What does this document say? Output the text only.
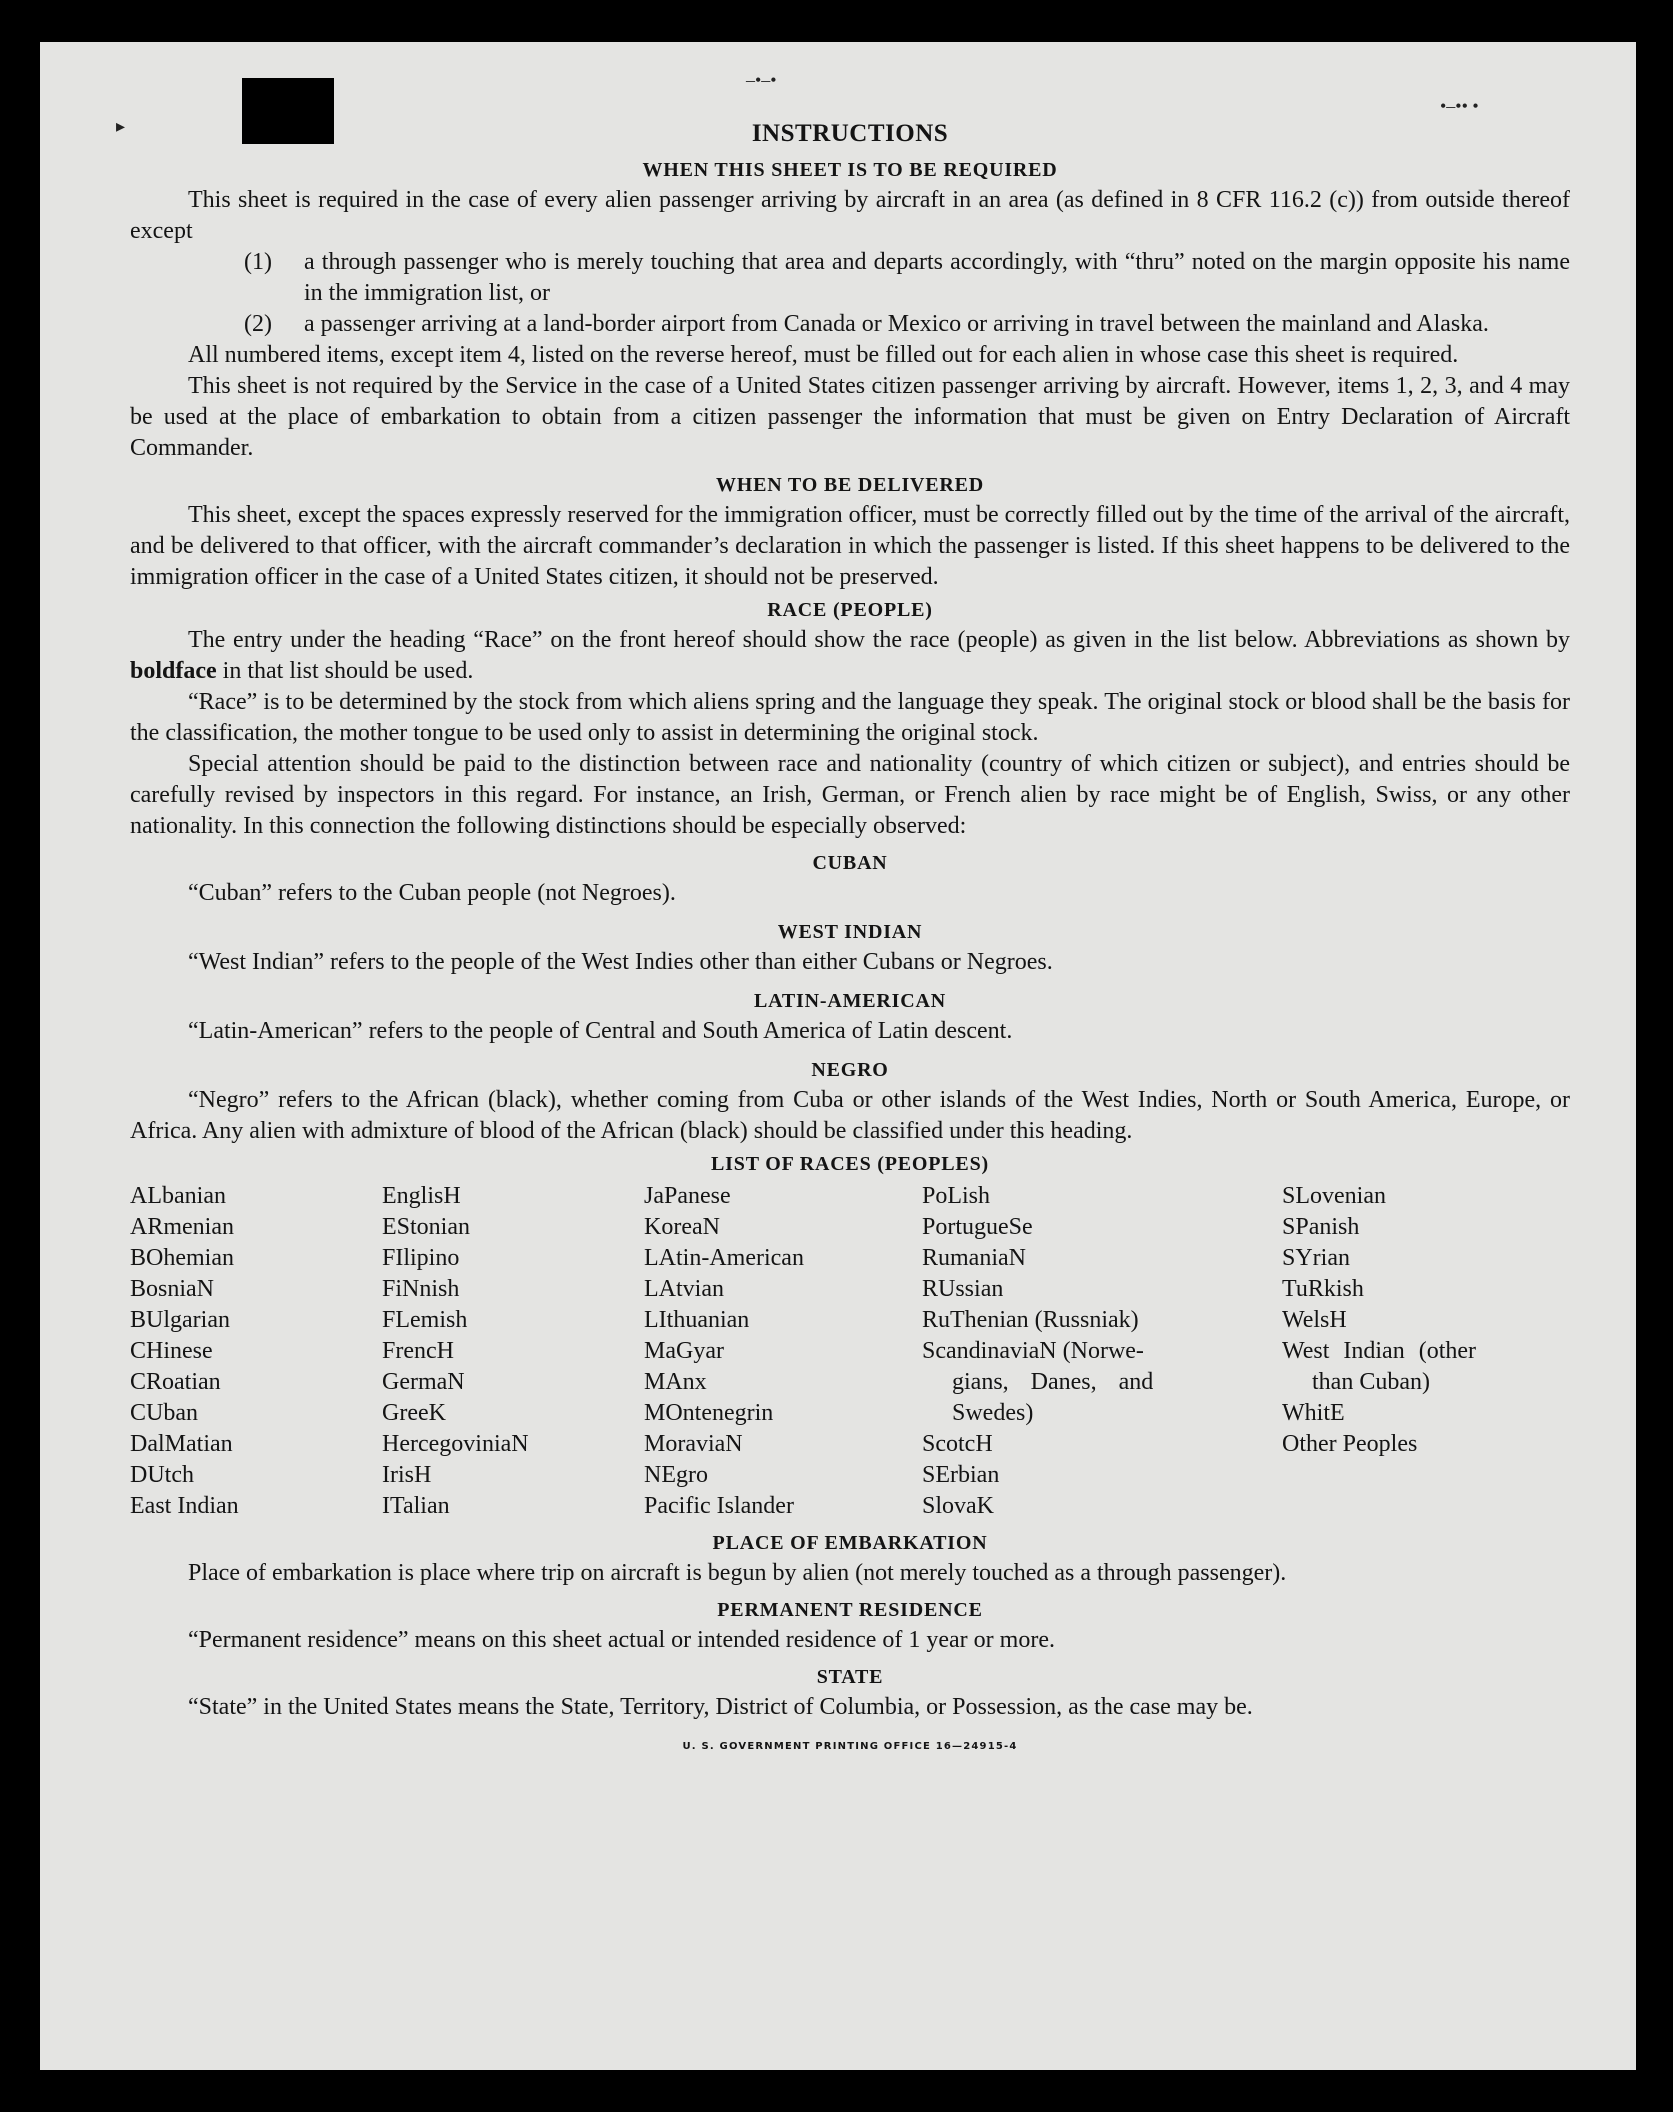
‒•‒•
•‒•• •
▸	INSTRUCTIONS
WHEN THIS SHEET IS TO BE REQUIRED

This sheet is required in the case of every alien passenger arriving by aircraft in an area (as defined in 8 CFR 116.2 (c)) from outside thereof except

(1)	a through passenger who is merely touching that area and departs accordingly, with “thru” noted on the margin opposite his name in the immigration list, or
(2)	a passenger arriving at a land-border airport from Canada or Mexico or arriving in travel between the mainland and Alaska.

All numbered items, except item 4, listed on the reverse hereof, must be filled out for each alien in whose case this sheet is required.

This sheet is not required by the Service in the case of a United States citizen passenger arriving by aircraft. However, items 1, 2, 3, and 4 may be used at the place of embarkation to obtain from a citizen passenger the information that must be given on Entry Declaration of Aircraft Commander.

WHEN TO BE DELIVERED

This sheet, except the spaces expressly reserved for the immigration officer, must be correctly filled out by the time of the arrival of the aircraft, and be delivered to that officer, with the aircraft commander’s declaration in which the passenger is listed. If this sheet happens to be delivered to the immigration officer in the case of a United States citizen, it should not be preserved.

RACE (PEOPLE)

The entry under the heading “Race” on the front hereof should show the race (people) as given in the list below. Abbreviations as shown by boldface in that list should be used.

“Race” is to be determined by the stock from which aliens spring and the language they speak. The original stock or blood shall be the basis for the classification, the mother tongue to be used only to assist in determining the original stock.

Special attention should be paid to the distinction between race and nationality (country of which citizen or subject), and entries should be carefully revised by inspectors in this regard. For instance, an Irish, German, or French alien by race might be of English, Swiss, or any other nationality. In this connection the following distinctions should be especially observed:

CUBAN

“Cuban” refers to the Cuban people (not Negroes).

WEST INDIAN

“West Indian” refers to the people of the West Indies other than either Cubans or Negroes.

LATIN-AMERICAN

“Latin-American” refers to the people of Central and South America of Latin descent.

NEGRO

“Negro” refers to the African (black), whether coming from Cuba or other islands of the West Indies, North or South America, Europe, or Africa. Any alien with admixture of blood of the African (black) should be classified under this heading.

LIST OF RACES (PEOPLES)
ALbanian
ARmenian
BOhemian
BosniaN
BUlgarian
CHinese
CRoatian
CUban
DalMatian
DUtch
East Indian
EnglisH
EStonian
FIlipino
FiNnish
FLemish
FrencH
GermaN
GreeK
HercegoviniaN
IrisH
ITalian
JaPanese
KoreaN
LAtin-American
LAtvian
LIthuanian
MaGyar
MAnx
MOntenegrin
MoraviaN
NEgro
Pacific Islander
PoLish
PortugueSe
RumaniaN
RUssian
RuThenian (Russniak)
ScandinaviaN (Norwe-
gians, Danes, and
Swedes)
ScotcH
SErbian
SlovaK
SLovenian
SPanish
SYrian
TuRkish
WelsH
West Indian (other
than Cuban)
WhitE
Other Peoples
PLACE OF EMBARKATION

Place of embarkation is place where trip on aircraft is begun by alien (not merely touched as a through passenger).

PERMANENT RESIDENCE

“Permanent residence” means on this sheet actual or intended residence of 1 year or more.

STATE

“State” in the United States means the State, Territory, District of Columbia, or Possession, as the case may be.

U. S. GOVERNMENT PRINTING OFFICE 16—24915-4
